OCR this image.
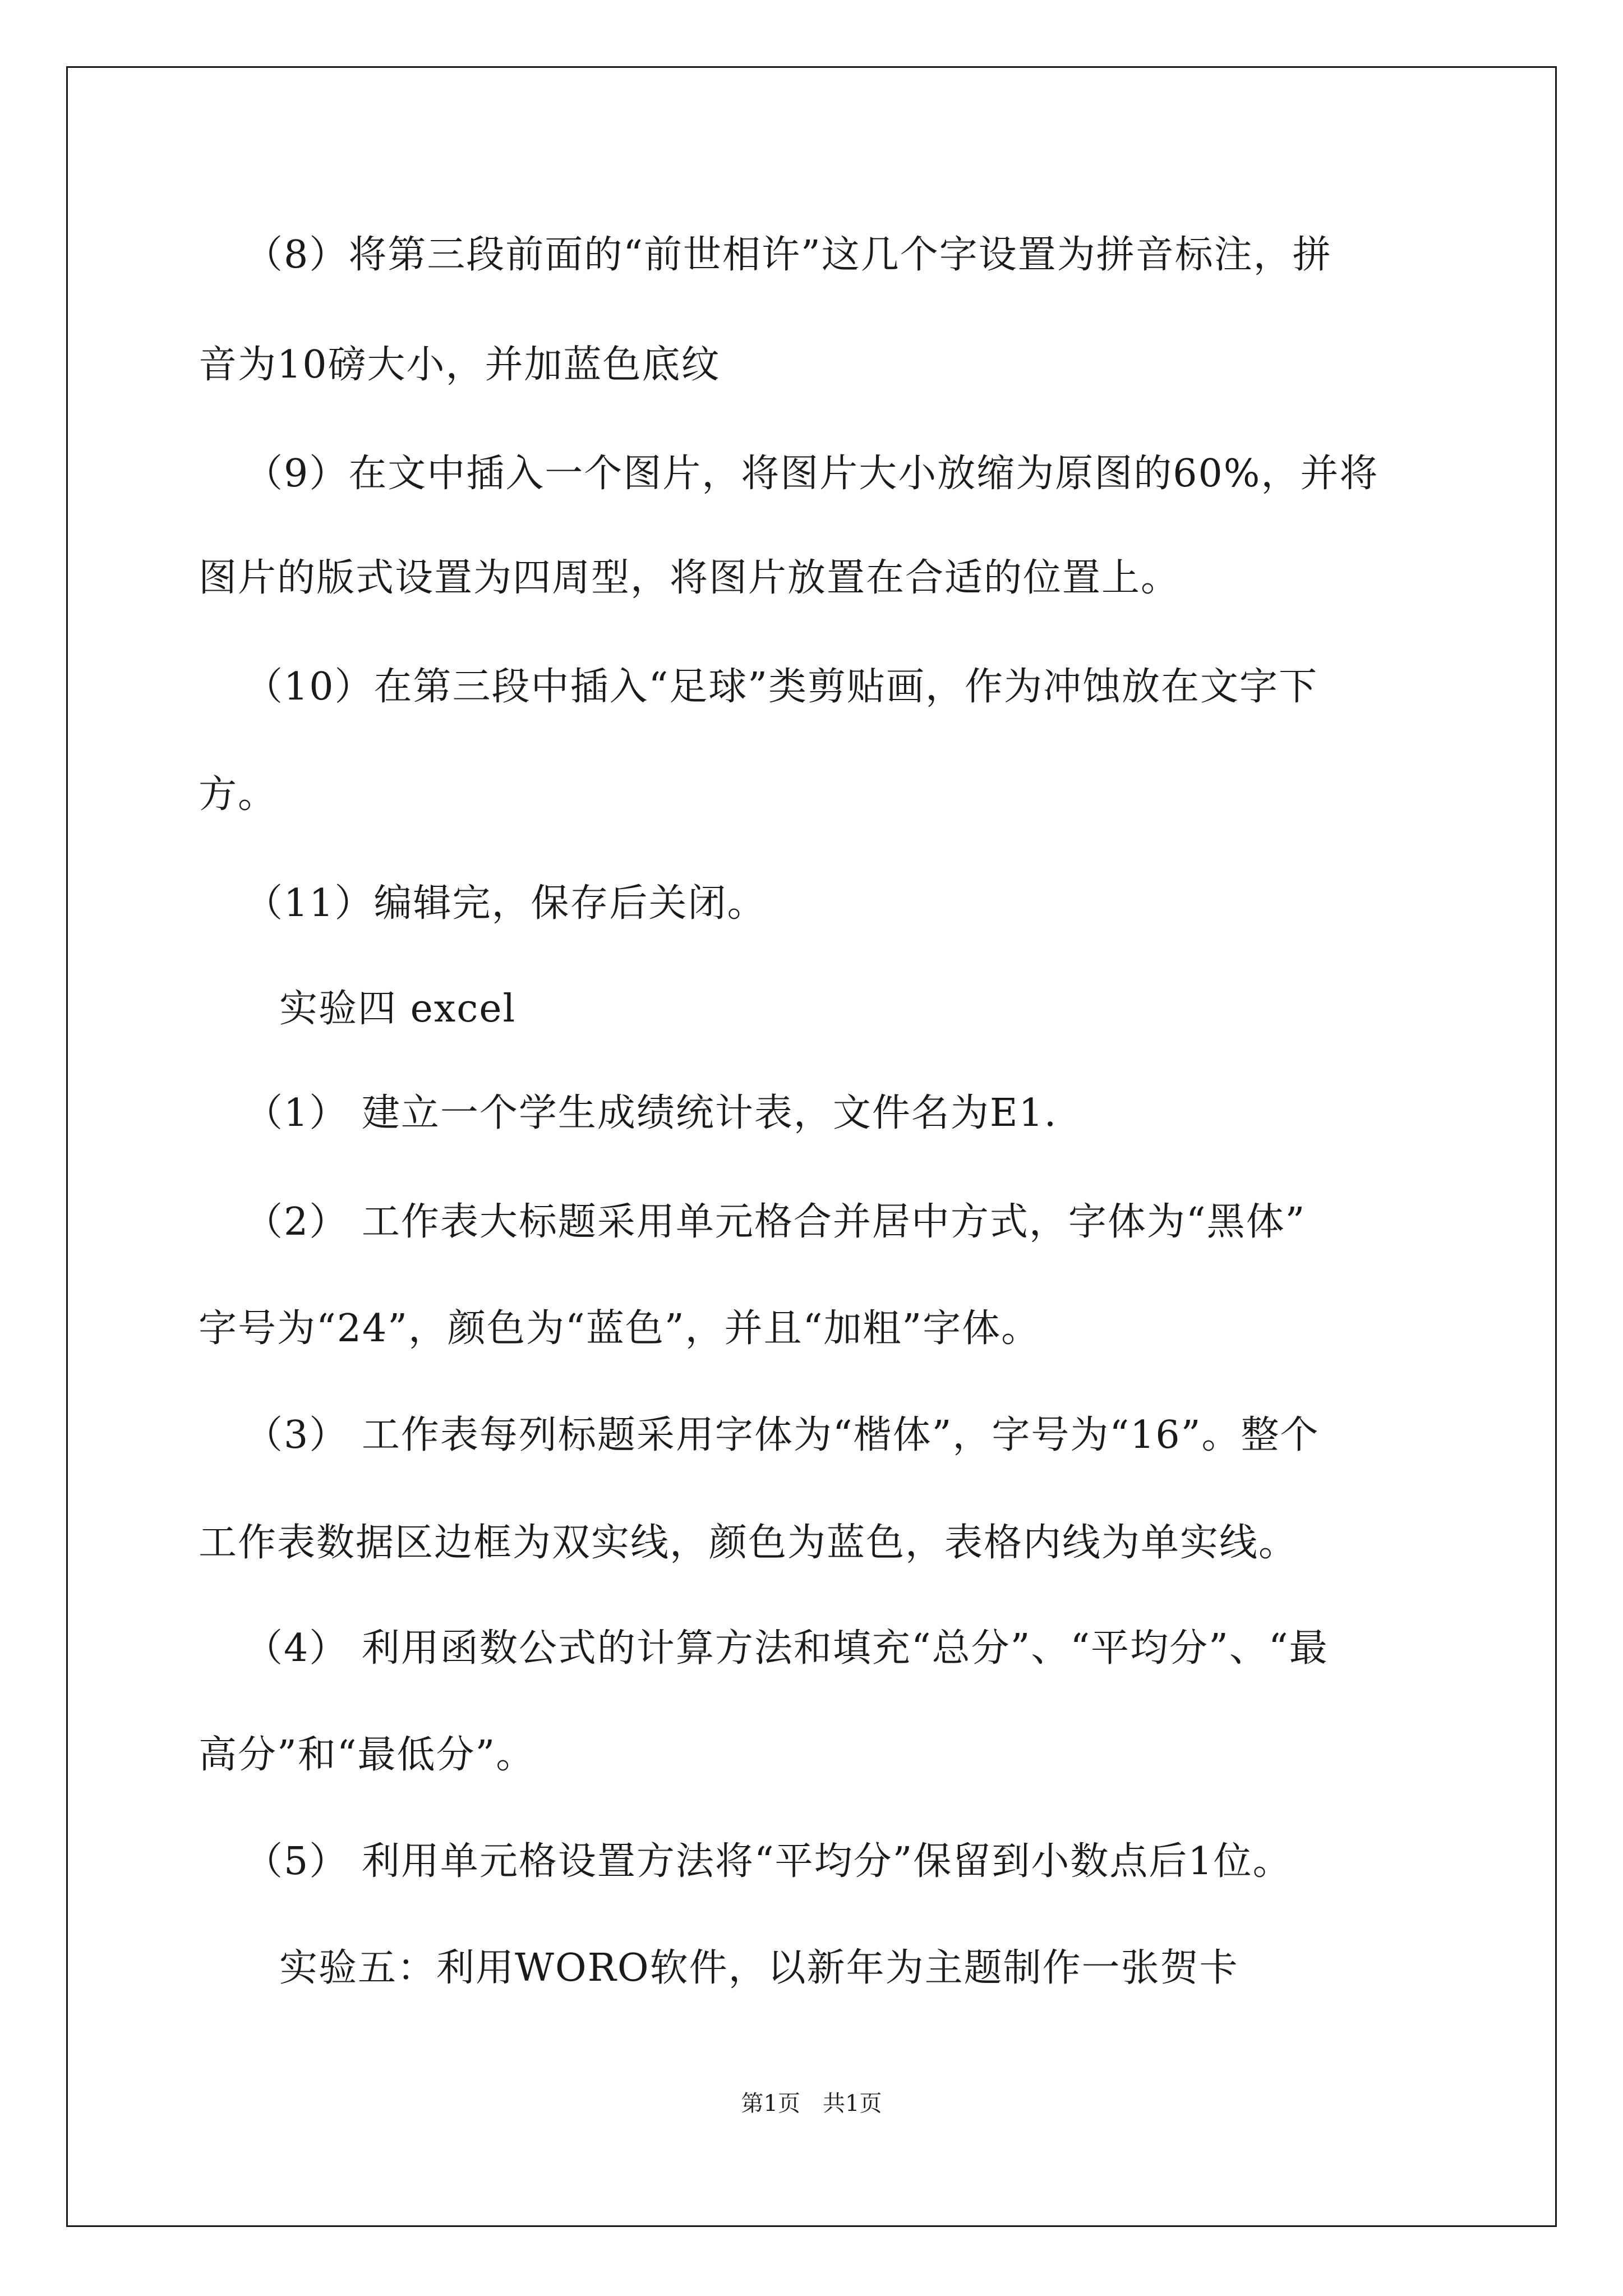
（8）将第三段前面的“前世相许”这几个字设置为拼音标注，拼
音为10磅大小，并加蓝色底纹
（9）在文中插入一个图片，将图片大小放缩为原图的60%，并将
图片的版式设置为四周型，将图片放置在合适的位置上。
（10）在第三段中插入“足球”类剪贴画，作为冲蚀放在文字下
方。
（11）编辑完，保存后关闭。
实验四 excel
（1） 建立一个学生成绩统计表，文件名为E1.
（2） 工作表大标题采用单元格合并居中方式，字体为“黑体”
字号为“24”，颜色为“蓝色”，并且“加粗”字体。
（3） 工作表每列标题采用字体为“楷体”，字号为“16”。整个
工作表数据区边框为双实线，颜色为蓝色，表格内线为单实线。
（4） 利用函数公式的计算方法和填充“总分”、“平均分”、“最
高分”和“最低分”。
（5） 利用单元格设置方法将“平均分”保留到小数点后1位。
实验五：利用WORO软件，以新年为主题制作一张贺卡
第1页　共1页
